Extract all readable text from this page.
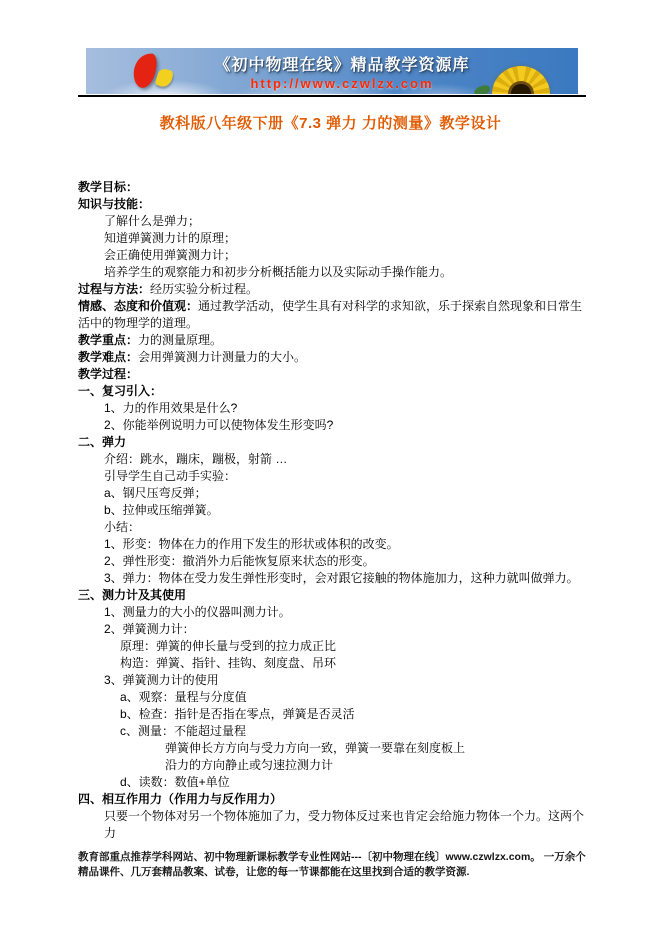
《初中物理在线》精品教学资源库
http://www.czwlzx.com
教科版八年级下册《7.3 弹力 力的测量》教学设计
教学目标：
知识与技能：
了解什么是弹力；
知道弹簧测力计的原理；
会正确使用弹簧测力计；
培养学生的观察能力和初步分析概括能力以及实际动手操作能力。
过程与方法：经历实验分析过程。
情感、态度和价值观：通过教学活动，使学生具有对科学的求知欲，乐于探索自然现象和日常生活中的物理学的道理。
教学重点：力的测量原理。
教学难点：会用弹簧测力计测量力的大小。
教学过程：
一、复习引入：
1、力的作用效果是什么?
2、你能举例说明力可以使物体发生形变吗?
二、弹力
介绍：跳水，蹦床，蹦极，射箭 …
引导学生自己动手实验：
a、钢尺压弯反弹；
b、拉伸或压缩弹簧。
小结：
1、形变：物体在力的作用下发生的形状或体积的改变。
2、弹性形变：撤消外力后能恢复原来状态的形变。
3、弹力：物体在受力发生弹性形变时，会对跟它接触的物体施加力，这种力就叫做弹力。
三、测力计及其使用
1、测量力的大小的仪器叫测力计。
2、弹簧测力计：
原理：弹簧的伸长量与受到的拉力成正比
构造：弹簧、指针、挂钩、刻度盘、吊环
3、弹簧测力计的使用
a、观察：量程与分度值
b、检查：指针是否指在零点，弹簧是否灵活
c、测量：不能超过量程
弹簧伸长方方向与受力方向一致，弹簧一要靠在刻度板上
沿力的方向静止或匀速拉测力计
d、读数：数值+单位
四、相互作用力（作用力与反作用力）
只要一个物体对另一个物体施加了力，受力物体反过来也肯定会给施力物体一个力。这两个力
教育部重点推荐学科网站、初中物理新课标教学专业性网站---〔初中物理在线〕www.czwlzx.com。 一万余个精品课件、几万套精品教案、试卷，让您的每一节课都能在这里找到合适的教学资源.
